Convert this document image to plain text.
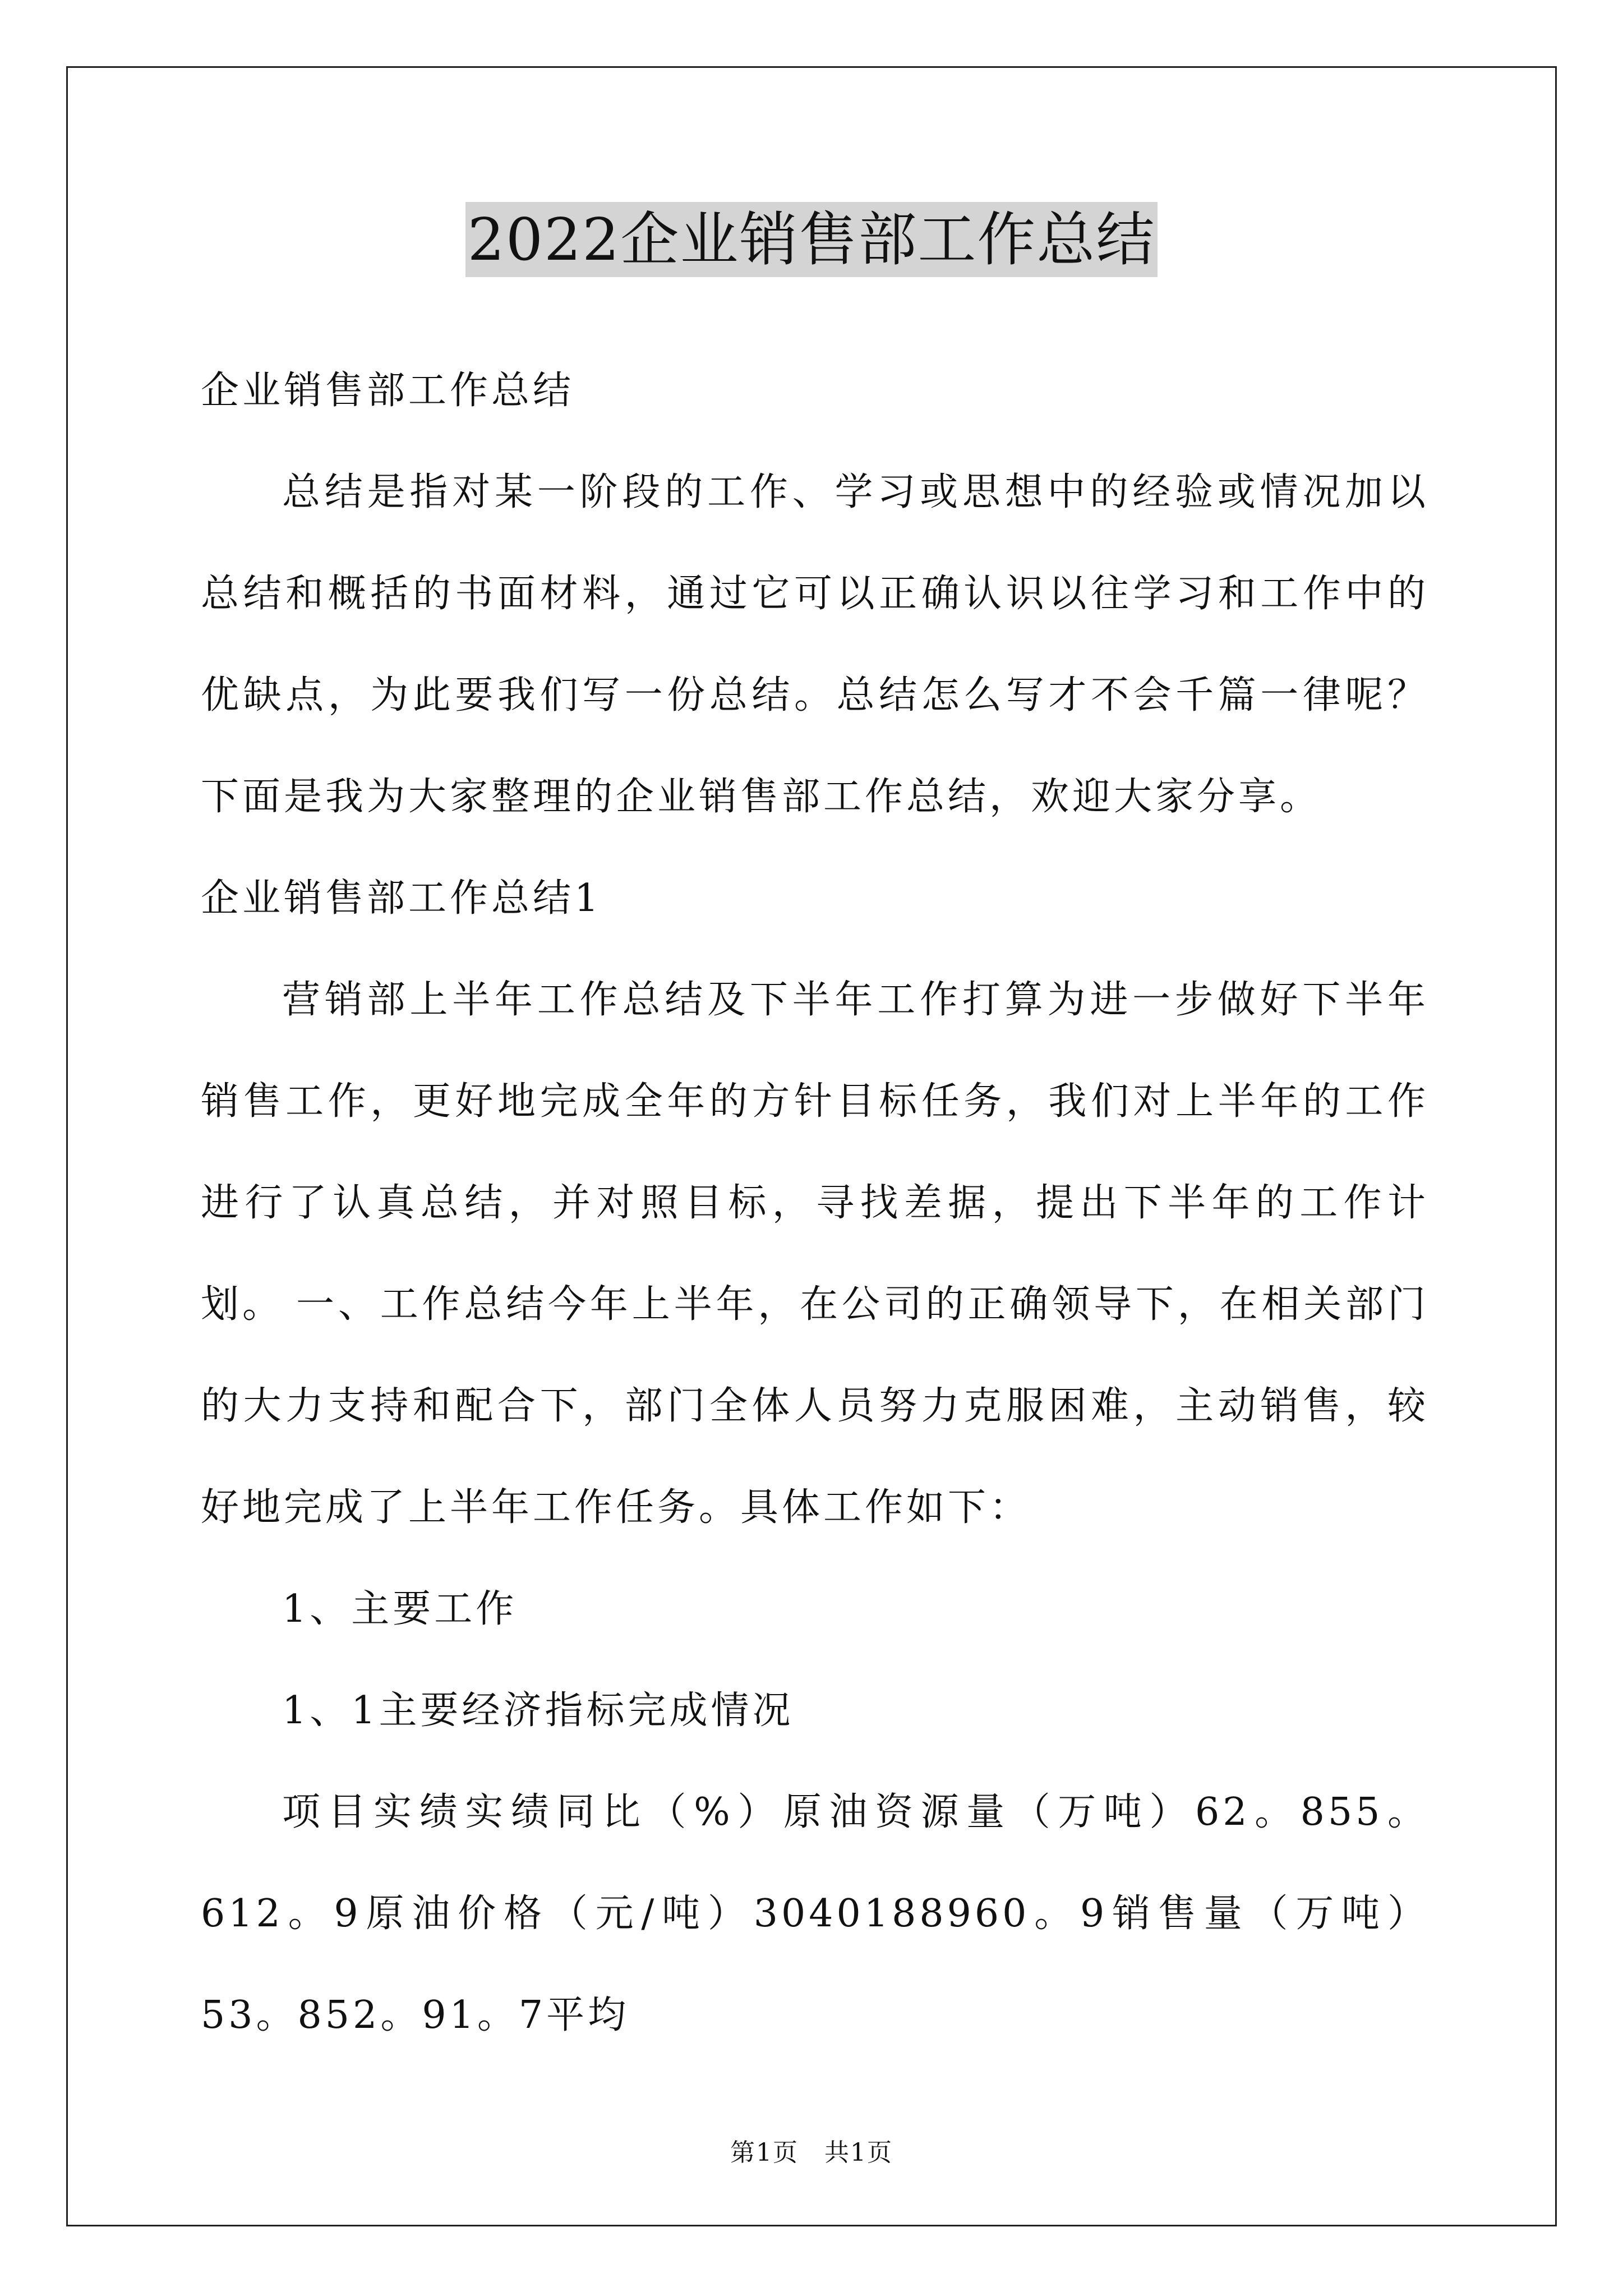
2022企业销售部工作总结

企业销售部工作总结

总结是指对某一阶段的工作、学习或思想中的经验或情况加以总结和概括的书面材料，通过它可以正确认识以往学习和工作中的优缺点，为此要我们写一份总结。总结怎么写才不会千篇一律呢？下面是我为大家整理的企业销售部工作总结，欢迎大家分享。

企业销售部工作总结1

营销部上半年工作总结及下半年工作打算为进一步做好下半年销售工作，更好地完成全年的方针目标任务，我们对上半年的工作进行了认真总结，并对照目标，寻找差据，提出下半年的工作计划。 一、工作总结今年上半年，在公司的正确领导下，在相关部门的大力支持和配合下，部门全体人员努力克服困难，主动销售，较好地完成了上半年工作任务。具体工作如下：

1、主要工作

1、1主要经济指标完成情况

项目实绩实绩同比（%）原油资源量（万吨）62。855。612。9原油价格（元/吨）3040188960。9销售量（万吨）53。852。91。7平均

第1页　共1页
